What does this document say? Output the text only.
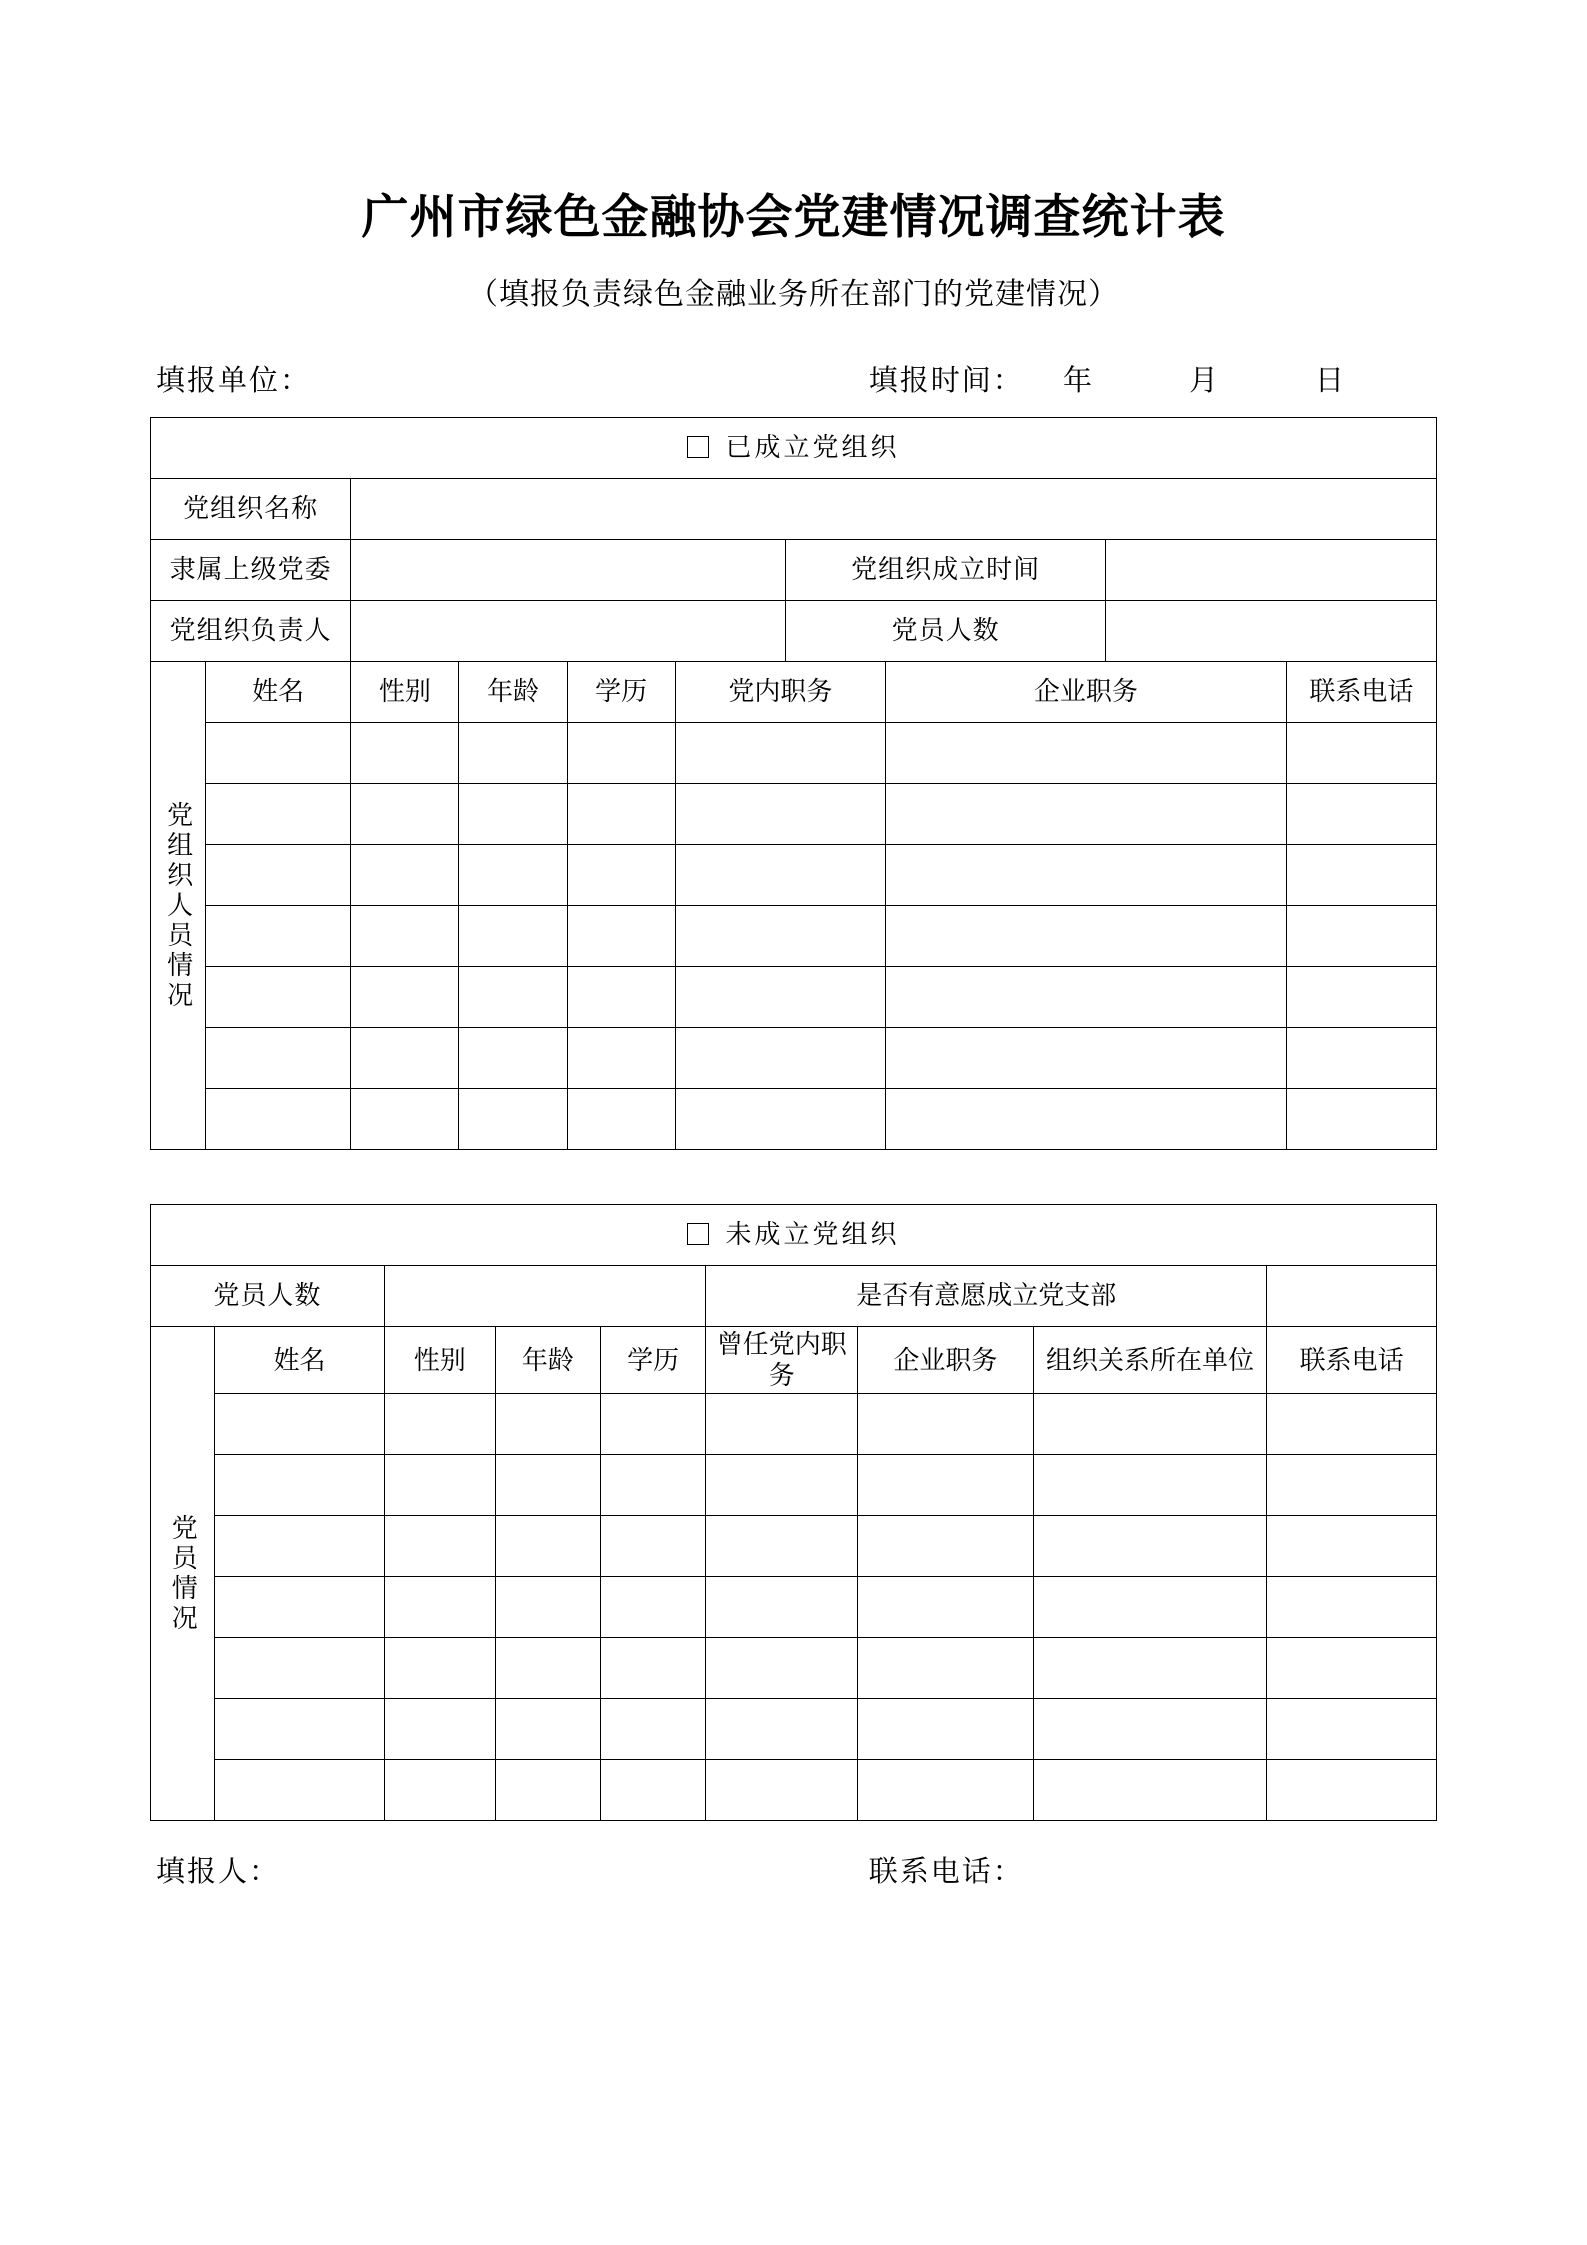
广州市绿色金融协会党建情况调查统计表
（填报负责绿色金融业务所在部门的党建情况）
填报单位：	填报时间： 年　月　日
已成立党组织									
党组织名称									
隶属上级党委						党组织成立时间			
党组织负责人						党员人数			
党组织人员情况	姓名	性别	年龄	学历	党内职务		企业职务		联系电话

未成立党组织								
党员人数					是否有意愿成立党支部			
党员情况	姓名	性别	年龄	学历	曾任党内职务	企业职务	组织关系所在单位	联系电话

填报人：	联系电话：
